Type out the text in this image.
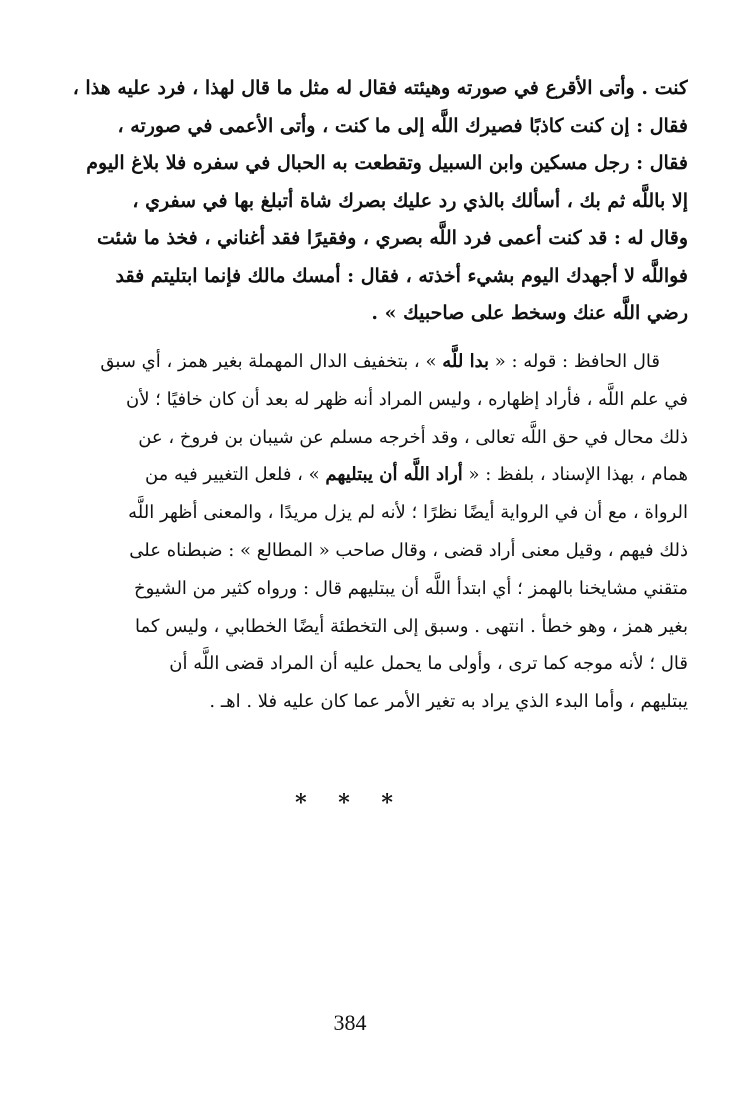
كنت . وأتى الأقرع في صورته وهيئته فقال له مثل ما قال لهذا ، فرد عليه هذا ،
فقال : إن كنت كاذبًا فصيرك اللَّه إلى ما كنت ، وأتى الأعمى في صورته ،
فقال : رجل مسكين وابن السبيل وتقطعت به الحبال في سفره فلا بلاغ اليوم
إلا باللَّه ثم بك ، أسألك بالذي رد عليك بصرك شاة أتبلغ بها في سفري ،
وقال له : قد كنت أعمى فرد اللَّه بصري ، وفقيرًا فقد أغناني ، فخذ ما شئت
فواللَّه لا أجهدك اليوم بشيء أخذته ، فقال : أمسك مالك فإنما ابتليتم فقد
رضي اللَّه عنك وسخط على صاحبيك » .
قال الحافظ : قوله : « بدا للَّه » ، بتخفيف الدال المهملة بغير همز ، أي سبق
في علم اللَّه ، فأراد إظهاره ، وليس المراد أنه ظهر له بعد أن كان خافيًا ؛ لأن
ذلك محال في حق اللَّه تعالى ، وقد أخرجه مسلم عن شيبان بن فروخ ، عن
همام ، بهذا الإسناد ، بلفظ : « أراد اللَّه أن يبتليهم » ، فلعل التغيير فيه من
الرواة ، مع أن في الرواية أيضًا نظرًا ؛ لأنه لم يزل مريدًا ، والمعنى أظهر اللَّه
ذلك فيهم ، وقيل معنى أراد قضى ، وقال صاحب « المطالع » : ضبطناه على
متقني مشايخنا بالهمز ؛ أي ابتدأ اللَّه أن يبتليهم قال : ورواه كثير من الشيوخ
بغير همز ، وهو خطأ . انتهى . وسبق إلى التخطئة أيضًا الخطابي ، وليس كما
قال ؛ لأنه موجه كما ترى ، وأولى ما يحمل عليه أن المراد قضى اللَّه أن
يبتليهم ، وأما البدء الذي يراد به تغير الأمر عما كان عليه فلا . اهـ .
* * *
384
